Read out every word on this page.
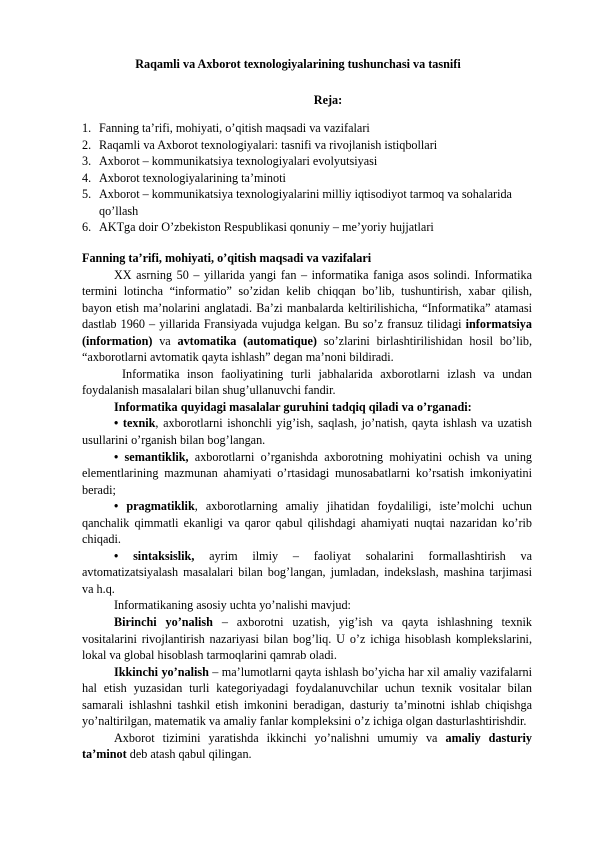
Raqamli va Axborot texnologiyalarining tushunchasi va tasnifi
Reja:
1. Fanning ta’rifi, mohiyati, o’qitish maqsadi va vazifalari
2. Raqamli va Axborot texnologiyalari: tasnifi va rivojlanish istiqbollari
3. Axborot – kommunikatsiya texnologiyalari evolyutsiyasi
4. Axborot texnologiyalarining ta’minoti
5. Axborot – kommunikatsiya texnologiyalarini milliy iqtisodiyot tarmoq va sohalarida qo’llash
6. AKTga doir O’zbekiston Respublikasi qonuniy – me’yoriy hujjatlari

Fanning ta’rifi, mohiyati, o’qitish maqsadi va vazifalari

XX asrning 50 – yillarida yangi fan – informatika faniga asos solindi. Informatika termini lotincha “informatio” so’zidan kelib chiqqan bo’lib, tushuntirish, xabar qilish, bayon etish ma’nolarini anglatadi. Ba’zi manbalarda keltirilishicha, “Informatika” atamasi dastlab 1960 – yillarida Fransiyada vujudga kelgan. Bu so’z fransuz tilidagi informatsiya (information) va avtomatika (automatique) so’zlarini birlashtirilishidan hosil bo’lib, “axborotlarni avtomatik qayta ishlash” degan ma’noni bildiradi.

Informatika inson faoliyatining turli jabhalarida axborotlarni izlash va undan foydalanish masalalari bilan shug’ullanuvchi fandir.

Informatika quyidagi masalalar guruhini tadqiq qiladi va o’rganadi:

• texnik, axborotlarni ishonchli yig’ish, saqlash, jo’natish, qayta ishlash va uzatish usullarini o’rganish bilan bog’langan.

• semantiklik, axborotlarni o’rganishda axborotning mohiyatini ochish va uning elementlarining mazmunan ahamiyati o’rtasidagi munosabatlarni ko’rsatish imkoniyatini beradi;

• pragmatiklik, axborotlarning amaliy jihatidan foydaliligi, iste’molchi uchun qanchalik qimmatli ekanligi va qaror qabul qilishdagi ahamiyati nuqtai nazaridan ko’rib chiqadi.

• sintaksislik, ayrim ilmiy – faoliyat sohalarini formallashtirish va avtomatizatsiyalash masalalari bilan bog’langan, jumladan, indekslash, mashina tarjimasi va h.q.

Informatikaning asosiy uchta yo’nalishi mavjud:

Birinchi yo’nalish – axborotni uzatish, yig’ish va qayta ishlashning texnik vositalarini rivojlantirish nazariyasi bilan bog’liq. U o’z ichiga hisoblash komplekslarini, lokal va global hisoblash tarmoqlarini qamrab oladi.

Ikkinchi yo’nalish – ma’lumotlarni qayta ishlash bo’yicha har xil amaliy vazifalarni hal etish yuzasidan turli kategoriyadagi foydalanuvchilar uchun texnik vositalar bilan samarali ishlashni tashkil etish imkonini beradigan, dasturiy ta’minotni ishlab chiqishga yo’naltirilgan, matematik va amaliy fanlar kompleksini o’z ichiga olgan dasturlashtirishdir.

Axborot tizimini yaratishda ikkinchi yo’nalishni umumiy va amaliy dasturiy ta’minot deb atash qabul qilingan.
